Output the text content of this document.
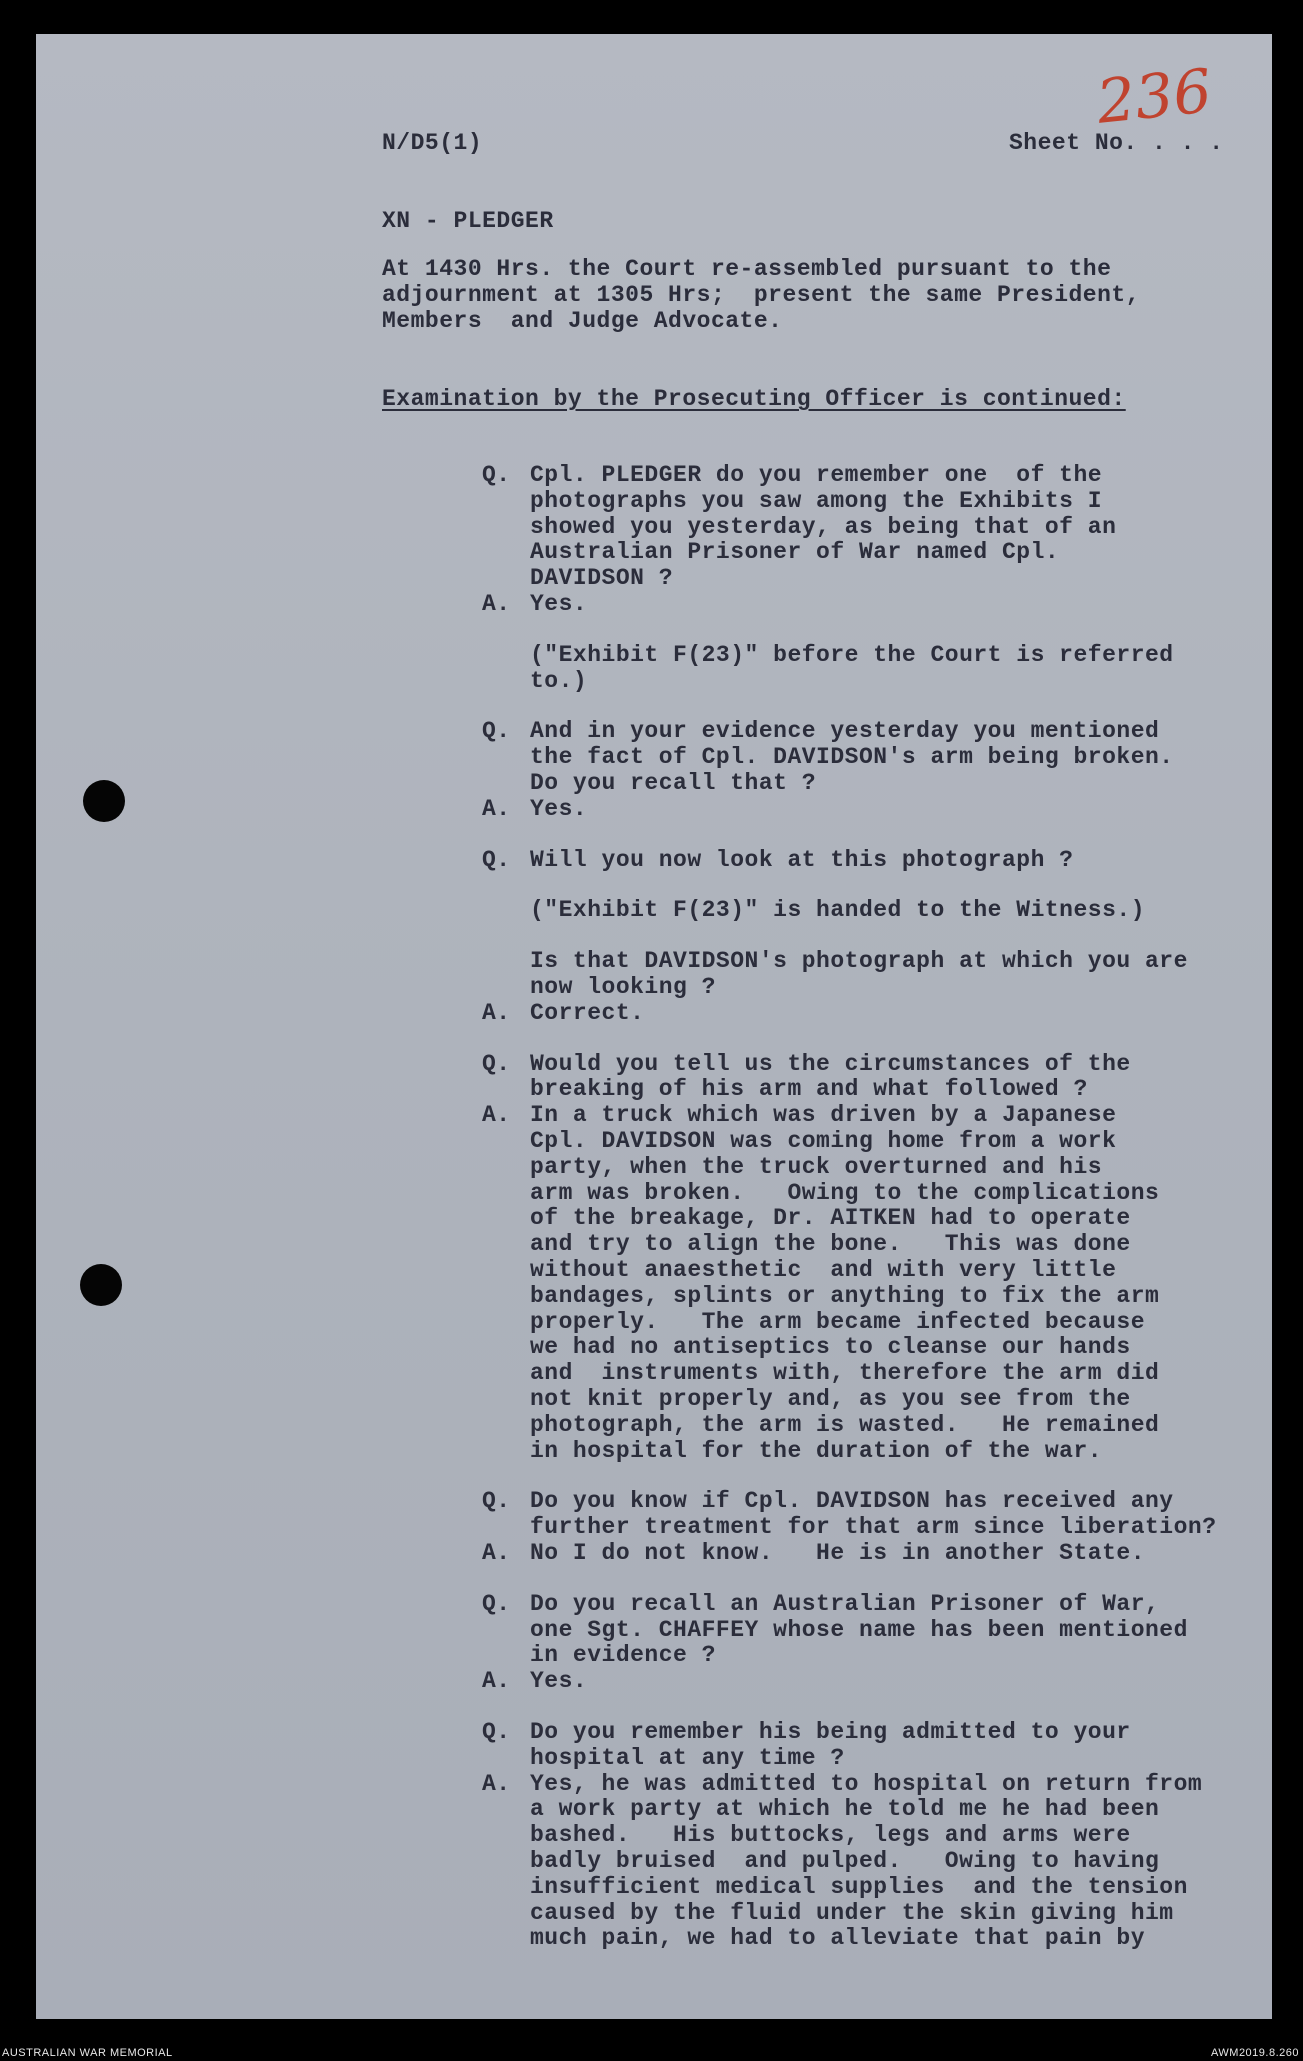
236
N/D5(1)	Sheet No. . . .
XN - PLEDGER
At 1430 Hrs. the Court re-assembled pursuant to the
adjournment at 1305 Hrs;  present the same President,
Members  and Judge Advocate.
Examination by the Prosecuting Officer is continued:
Q. Cpl. PLEDGER do you remember one  of the
photographs you saw among the Exhibits I
showed you yesterday, as being that of an
Australian Prisoner of War named Cpl.
DAVIDSON ?
A. Yes.
("Exhibit F(23)" before the Court is referred
to.)
Q. And in your evidence yesterday you mentioned
the fact of Cpl. DAVIDSON's arm being broken.
Do you recall that ?
A. Yes.
Q. Will you now look at this photograph ?
("Exhibit F(23)" is handed to the Witness.)
Is that DAVIDSON's photograph at which you are
now looking ?
A. Correct.
Q. Would you tell us the circumstances of the
breaking of his arm and what followed ?
A. In a truck which was driven by a Japanese
Cpl. DAVIDSON was coming home from a work
party, when the truck overturned and his
arm was broken.   Owing to the complications
of the breakage, Dr. AITKEN had to operate
and try to align the bone.   This was done
without anaesthetic  and with very little
bandages, splints or anything to fix the arm
properly.   The arm became infected because
we had no antiseptics to cleanse our hands
and  instruments with, therefore the arm did
not knit properly and, as you see from the
photograph, the arm is wasted.   He remained
in hospital for the duration of the war.
Q. Do you know if Cpl. DAVIDSON has received any
further treatment for that arm since liberation?
A. No I do not know.   He is in another State.
Q. Do you recall an Australian Prisoner of War,
one Sgt. CHAFFEY whose name has been mentioned
in evidence ?
A. Yes.
Q. Do you remember his being admitted to your
hospital at any time ?
A. Yes, he was admitted to hospital on return from
a work party at which he told me he had been
bashed.   His buttocks, legs and arms were
badly bruised  and pulped.   Owing to having
insufficient medical supplies  and the tension
caused by the fluid under the skin giving him
much pain, we had to alleviate that pain by
AUSTRALIAN WAR MEMORIAL	AWM2019.8.260
